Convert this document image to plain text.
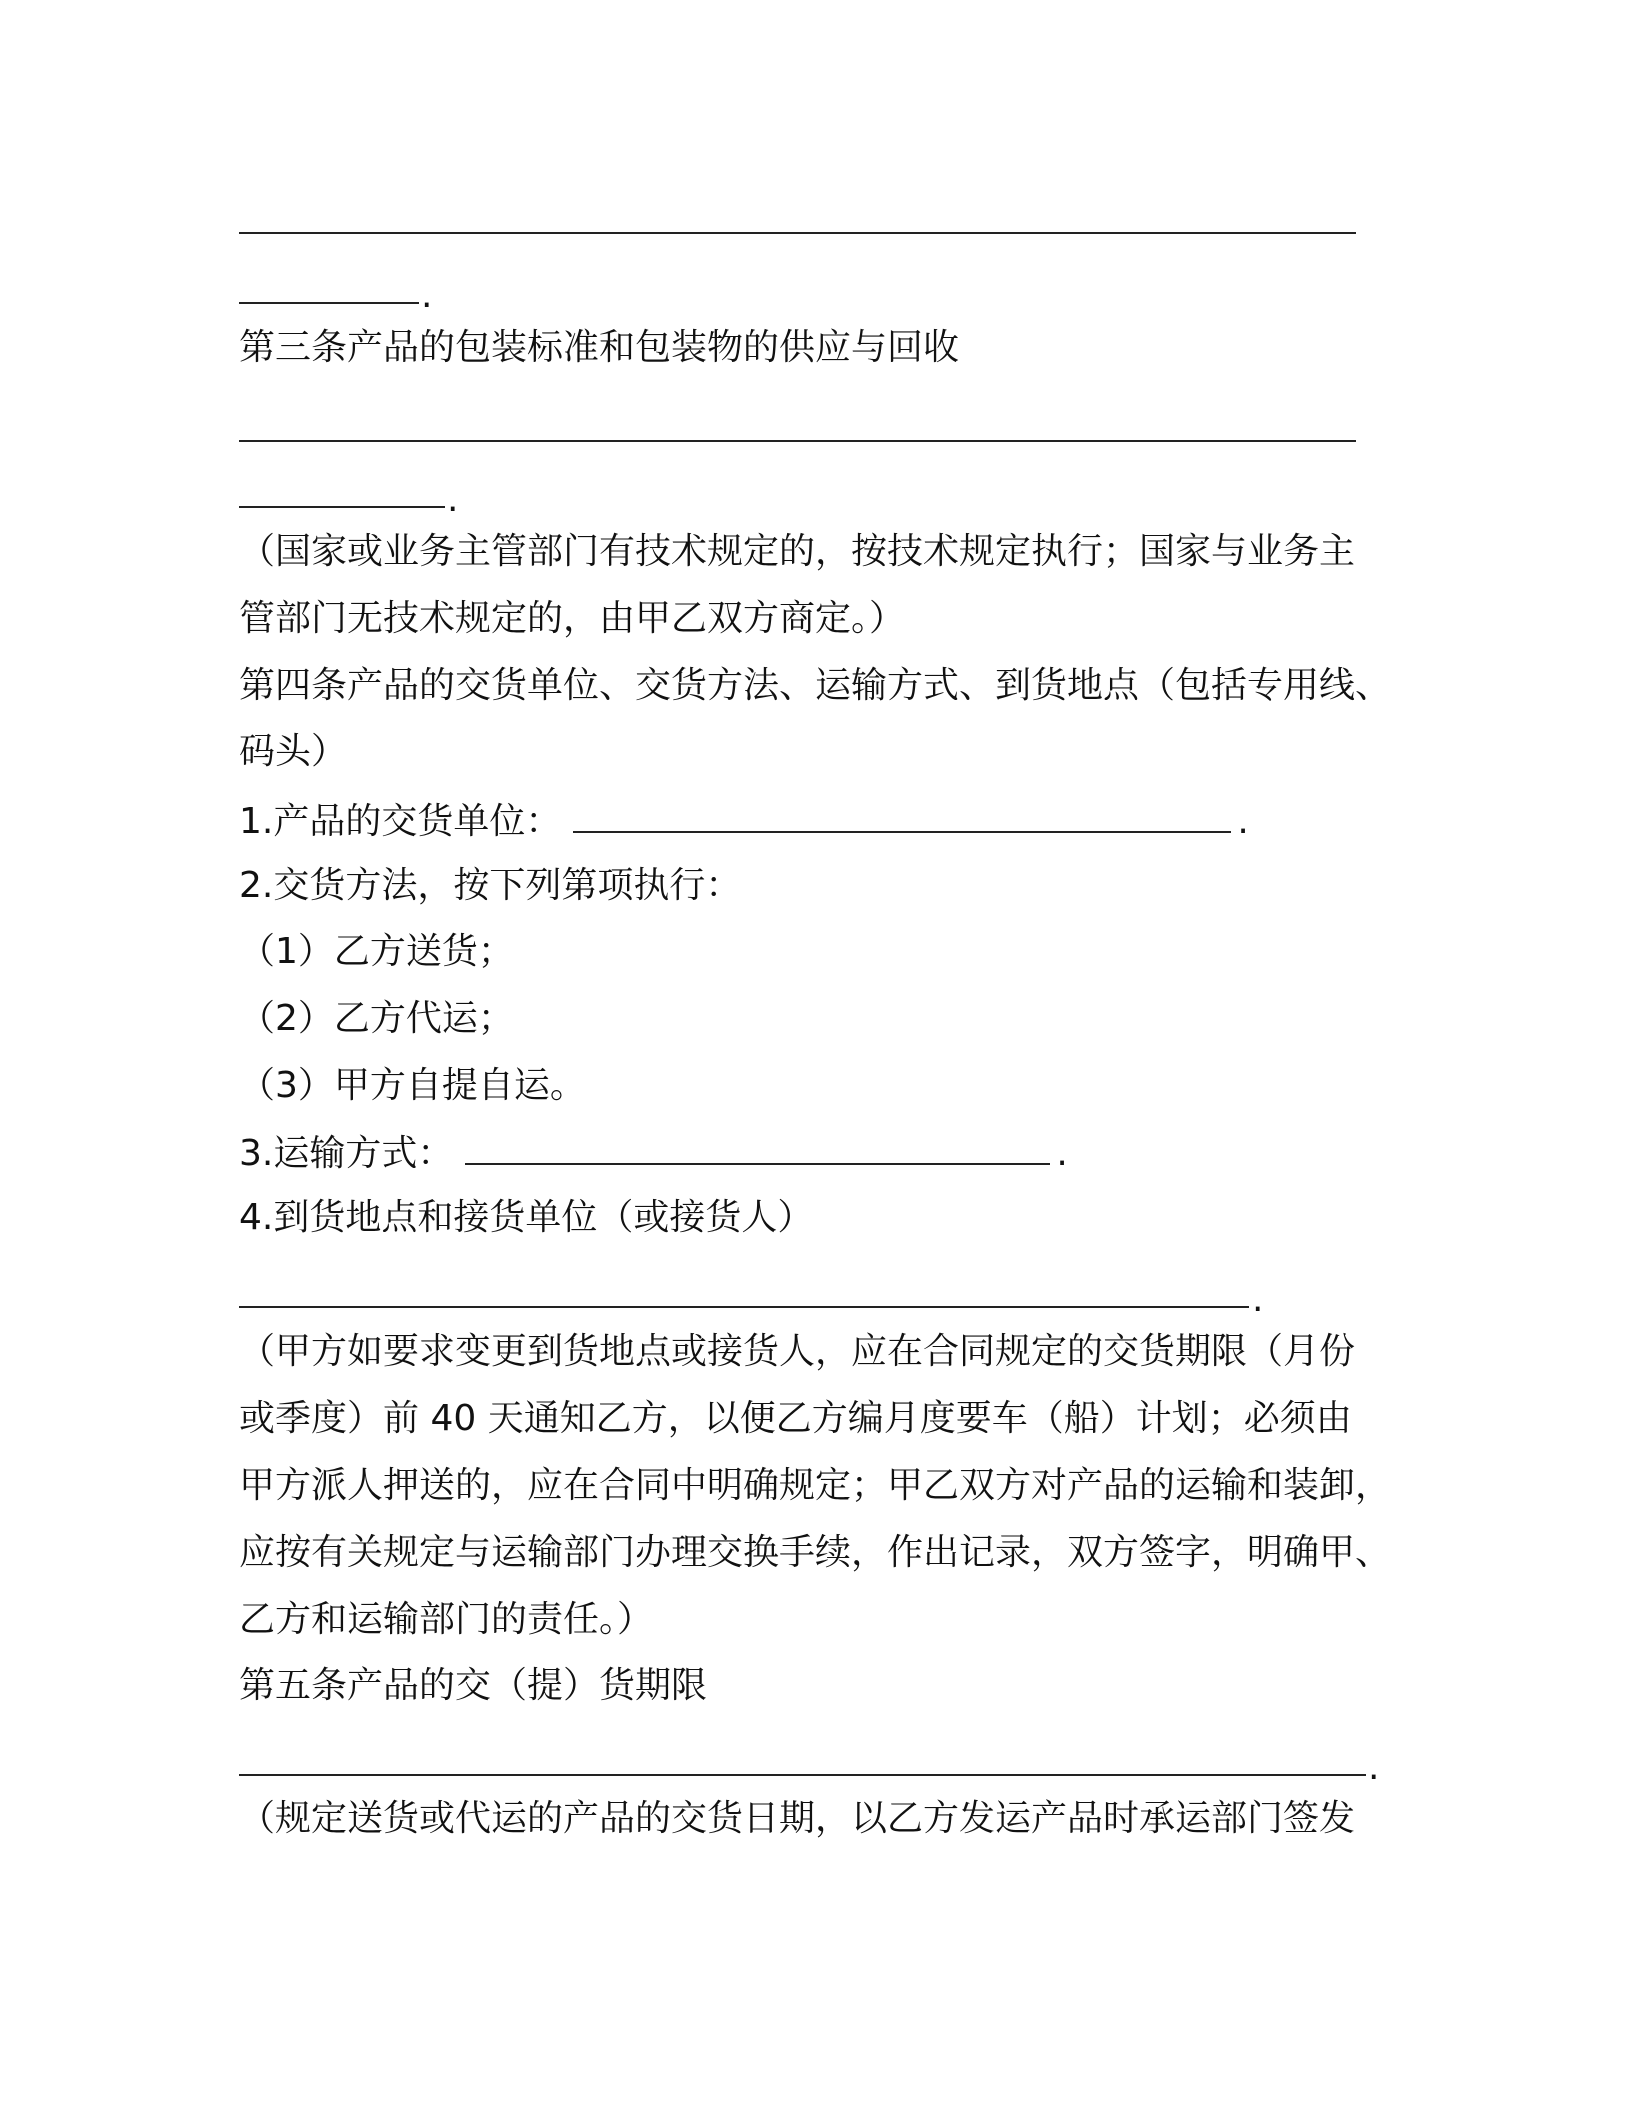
.

第三条产品的包装标准和包装物的供应与回收

.

（国家或业务主管部门有技术规定的，按技术规定执行；国家与业务主

管部门无技术规定的，由甲乙双方商定。）

第四条产品的交货单位、交货方法、运输方式、到货地点（包括专用线、

码头）

1.产品的交货单位：	.

2.交货方法，按下列第项执行：

（1）乙方送货；

（2）乙方代运；

（3）甲方自提自运。

3.运输方式：	.

4.到货地点和接货单位（或接货人）

.

（甲方如要求变更到货地点或接货人，应在合同规定的交货期限（月份

或季度）前 40 天通知乙方，以便乙方编月度要车（船）计划；必须由

甲方派人押送的，应在合同中明确规定；甲乙双方对产品的运输和装卸，

应按有关规定与运输部门办理交换手续，作出记录，双方签字，明确甲、

乙方和运输部门的责任。）

第五条产品的交（提）货期限

.

（规定送货或代运的产品的交货日期，以乙方发运产品时承运部门签发
